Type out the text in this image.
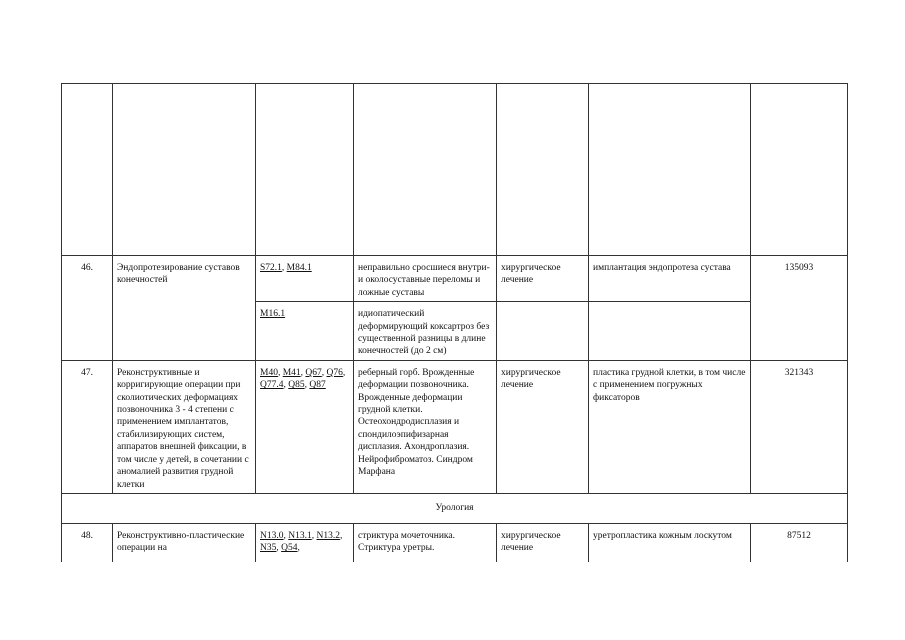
46.	Эндопротезирование суставов конечностей	S72.1, M84.1	неправильно сросшиеся внутри- и околосуставные переломы и ложные суставы	хирургическое лечение	имплантация эндопротеза сустава	135093
		M16.1	идиопатический деформирующий коксартроз без существенной разницы в длине конечностей (до 2 см)			
47.	Реконструктивные и корригирующие операции при сколиотических деформациях позвоночника 3 - 4 степени с применением имплантатов, стабилизирующих систем, аппаратов внешней фиксации, в том числе у детей, в сочетании с аномалией развития грудной клетки	M40, M41, Q67, Q76, Q77.4, Q85, Q87	реберный горб. Врожденные деформации позвоночника. Врожденные деформации грудной клетки. Остеохондродисплазия и спондилоэпифизарная дисплазия. Ахондроплазия. Нейрофиброматоз. Синдром Марфана	хирургическое лечение	пластика грудной клетки, в том числе с применением погружных фиксаторов	321343
Урология						
48.	Реконструктивно-пластические операции на	N13.0, N13.1, N13.2, N35, Q54,	стриктура мочеточника. Стриктура уретры.	хирургическое лечение	уретропластика кожным лоскутом	87512
